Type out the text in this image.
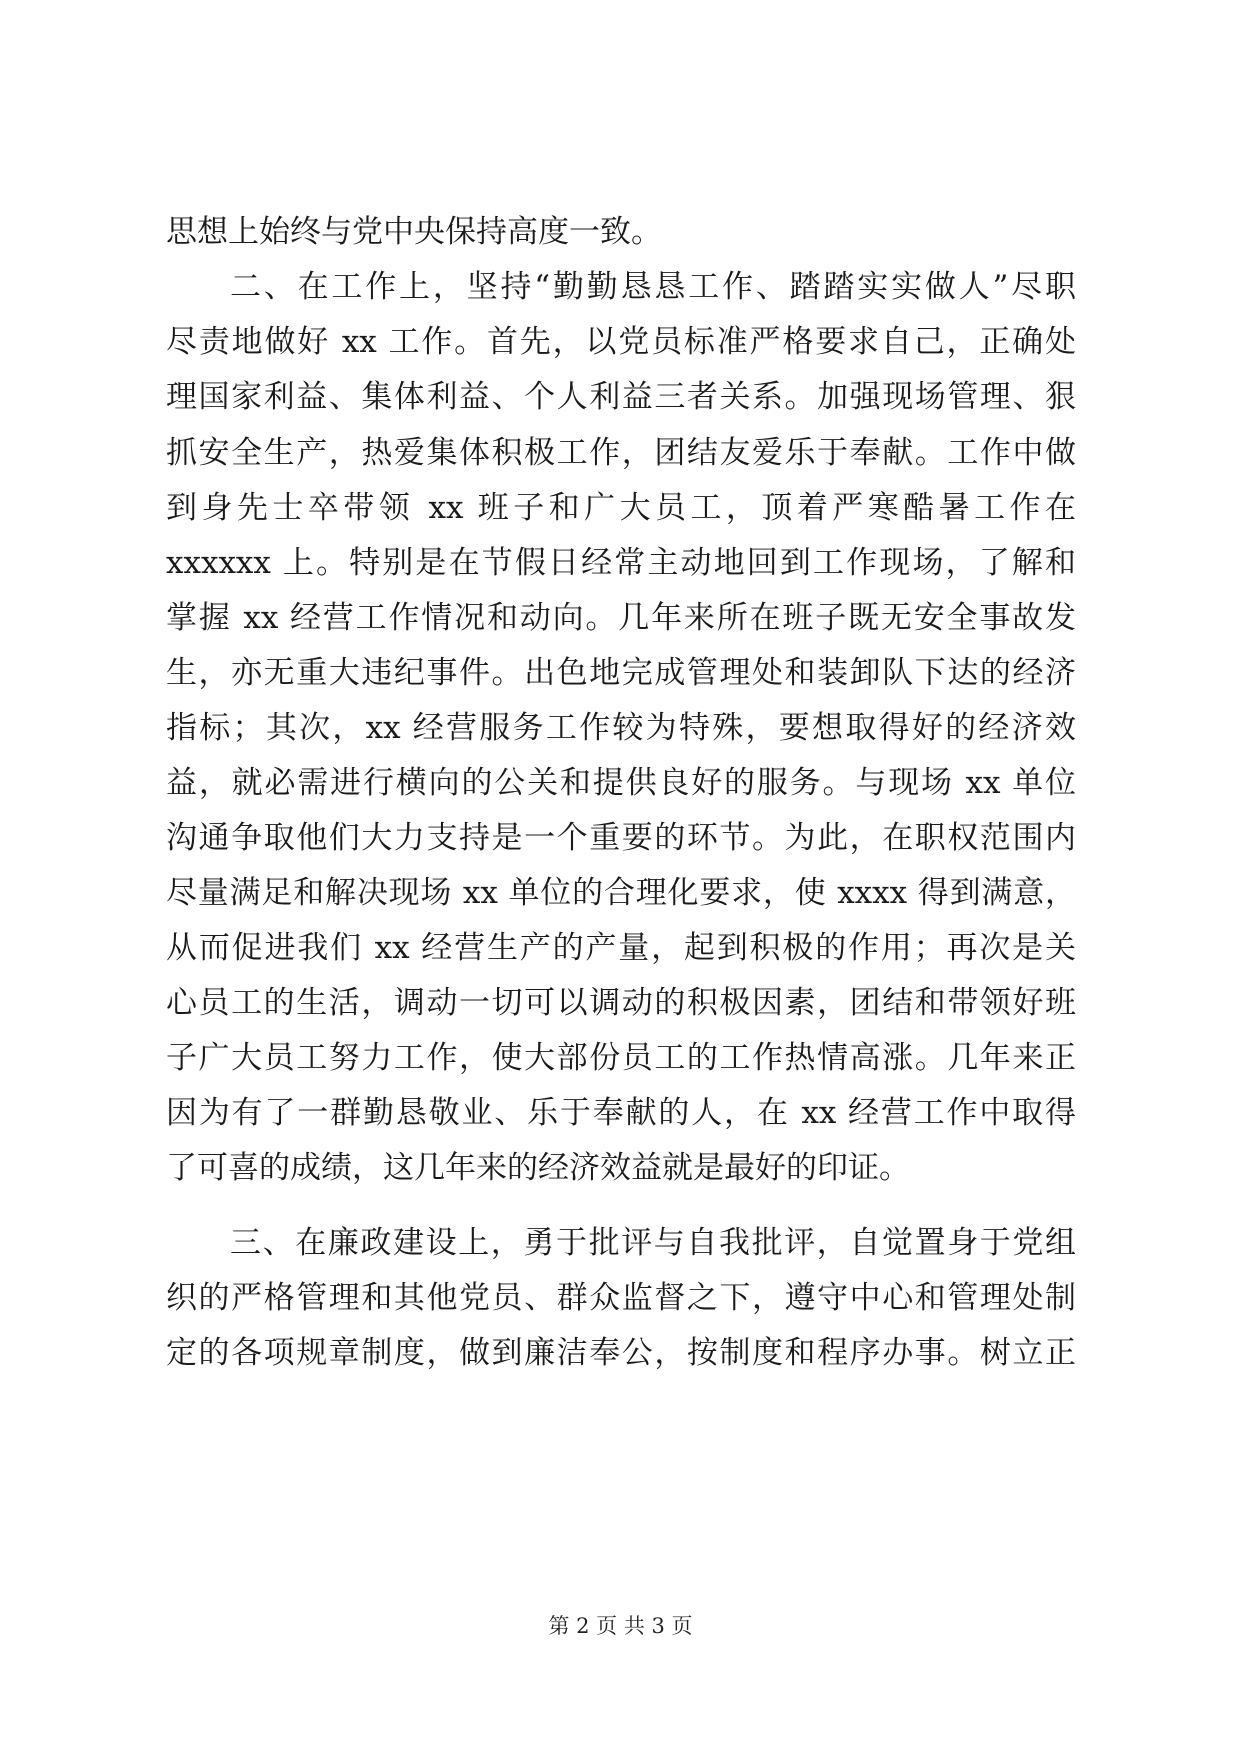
思想上始终与党中央保持高度一致。
二、在工作上，坚持“勤勤恳恳工作、踏踏实实做人”尽职
尽责地做好 xx 工作。首先，以党员标准严格要求自己，正确处
理国家利益、集体利益、个人利益三者关系。加强现场管理、狠
抓安全生产，热爱集体积极工作，团结友爱乐于奉献。工作中做
到身先士卒带领 xx 班子和广大员工，顶着严寒酷暑工作在
xxxxxx 上。特别是在节假日经常主动地回到工作现场，了解和
掌握 xx 经营工作情况和动向。几年来所在班子既无安全事故发
生，亦无重大违纪事件。出色地完成管理处和装卸队下达的经济
指标；其次，xx 经营服务工作较为特殊，要想取得好的经济效
益，就必需进行横向的公关和提供良好的服务。与现场 xx 单位
沟通争取他们大力支持是一个重要的环节。为此，在职权范围内
尽量满足和解决现场 xx 单位的合理化要求，使 xxxx 得到满意，
从而促进我们 xx 经营生产的产量，起到积极的作用；再次是关
心员工的生活，调动一切可以调动的积极因素，团结和带领好班
子广大员工努力工作，使大部份员工的工作热情高涨。几年来正
因为有了一群勤恳敬业、乐于奉献的人，在 xx 经营工作中取得
了可喜的成绩，这几年来的经济效益就是最好的印证。
三、在廉政建设上，勇于批评与自我批评，自觉置身于党组
织的严格管理和其他党员、群众监督之下，遵守中心和管理处制
定的各项规章制度，做到廉洁奉公，按制度和程序办事。树立正
第 2 页 共 3 页
